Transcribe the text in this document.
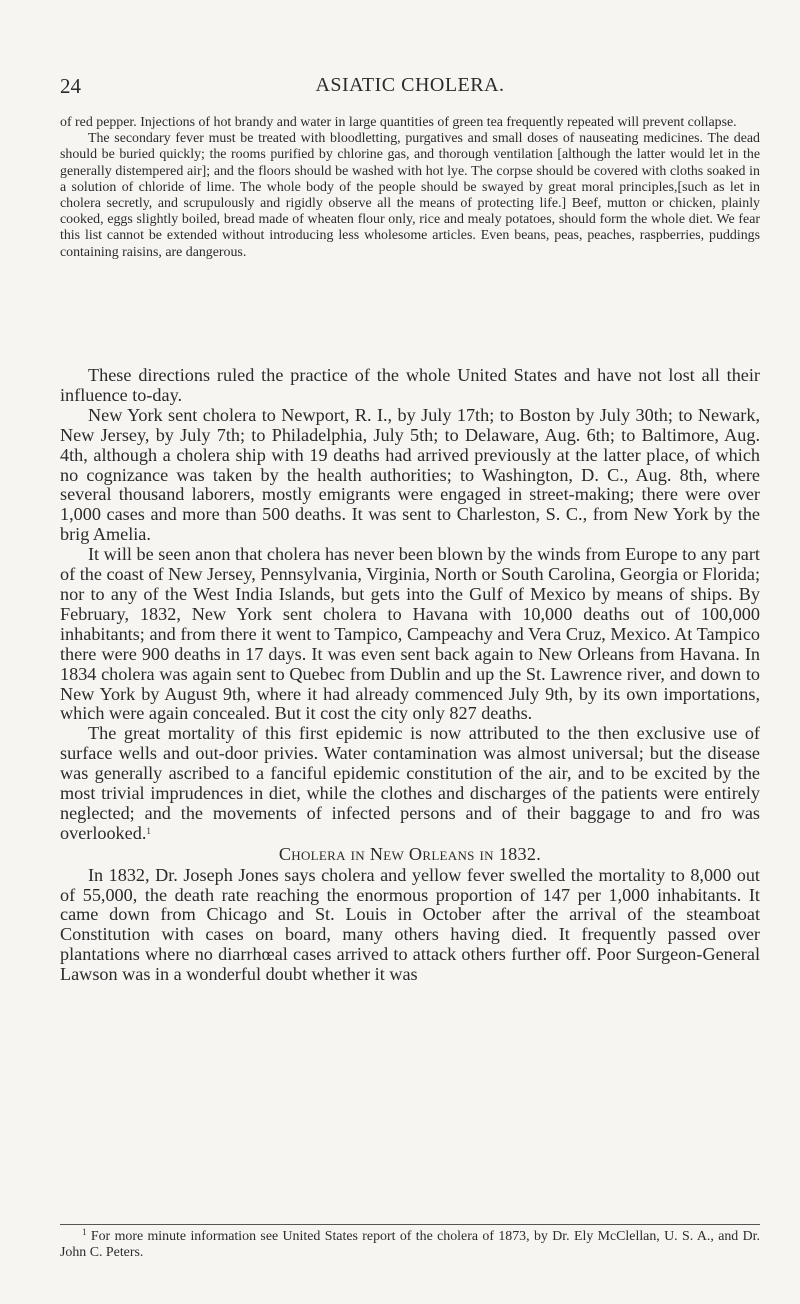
24	ASIATIC CHOLERA.

of red pepper. Injections of hot brandy and water in large quantities of green tea frequently repeated will prevent collapse.

The secondary fever must be treated with bloodletting, purgatives and small doses of nauseating medicines. The dead should be buried quickly; the rooms purified by chlorine gas, and thorough ventilation [although the latter would let in the generally distempered air]; and the floors should be washed with hot lye. The corpse should be covered with cloths soaked in a solution of chloride of lime. The whole body of the people should be swayed by great moral principles,[such as let in cholera secretly, and scrupulously and rigidly observe all the means of protecting life.] Beef, mutton or chicken, plainly cooked, eggs slightly boiled, bread made of wheaten flour only, rice and mealy potatoes, should form the whole diet. We fear this list cannot be extended without introducing less wholesome articles. Even beans, peas, peaches, raspberries, puddings containing raisins, are dangerous.

These directions ruled the practice of the whole United States and have not lost all their influence to-day.

New York sent cholera to Newport, R. I., by July 17th; to Boston by July 30th; to Newark, New Jersey, by July 7th; to Philadelphia, July 5th; to Delaware, Aug. 6th; to Baltimore, Aug. 4th, although a cholera ship with 19 deaths had arrived previously at the latter place, of which no cognizance was taken by the health authorities; to Washington, D. C., Aug. 8th, where several thousand laborers, mostly emigrants were engaged in street-making; there were over 1,000 cases and more than 500 deaths. It was sent to Charleston, S. C., from New York by the brig Amelia.

It will be seen anon that cholera has never been blown by the winds from Europe to any part of the coast of New Jersey, Pennsylvania, Virginia, North or South Carolina, Georgia or Florida; nor to any of the West India Islands, but gets into the Gulf of Mexico by means of ships. By February, 1832, New York sent cholera to Havana with 10,000 deaths out of 100,000 inhabitants; and from there it went to Tampico, Campeachy and Vera Cruz, Mexico. At Tampico there were 900 deaths in 17 days. It was even sent back again to New Orleans from Havana. In 1834 cholera was again sent to Quebec from Dublin and up the St. Lawrence river, and down to New York by August 9th, where it had already commenced July 9th, by its own importations, which were again concealed. But it cost the city only 827 deaths.

The great mortality of this first epidemic is now attributed to the then exclusive use of surface wells and out-door privies. Water contamination was almost universal; but the disease was generally ascribed to a fanciful epidemic constitution of the air, and to be excited by the most trivial imprudences in diet, while the clothes and discharges of the patients were entirely neglected; and the movements of infected persons and of their baggage to and fro was overlooked.$^1$

Cholera in New Orleans in 1832.

In 1832, Dr. Joseph Jones says cholera and yellow fever swelled the mortality to 8,000 out of 55,000, the death rate reaching the enormous proportion of 147 per 1,000 inhabitants. It came down from Chicago and St. Louis in October after the arrival of the steamboat Constitution with cases on board, many others having died. It frequently passed over plantations where no diarrhœal cases arrived to attack others further off. Poor Surgeon-General Lawson was in a wonderful doubt whether it was

$^1$ For more minute information see United States report of the cholera of 1873, by Dr. Ely McClellan, U. S. A., and Dr. John C. Peters.
